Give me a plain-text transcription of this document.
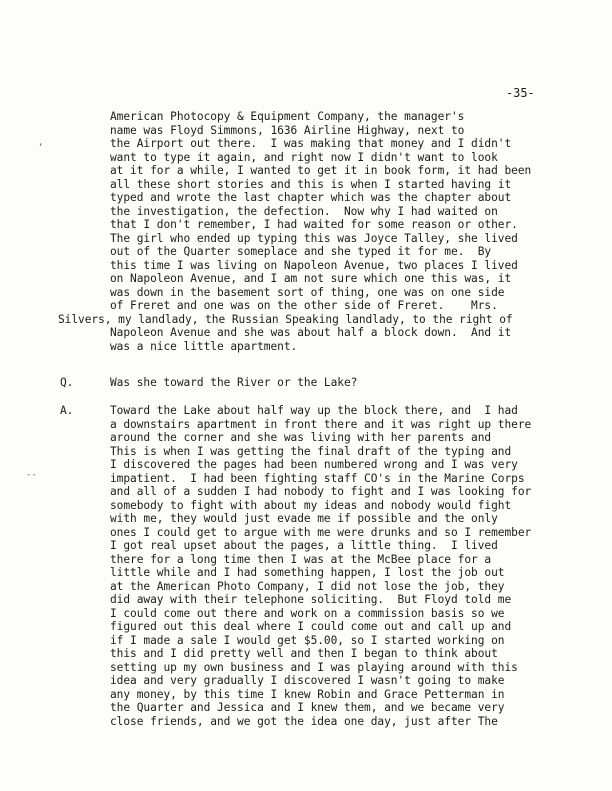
-35-
American Photocopy & Equipment Company, the manager's
name was Floyd Simmons, 1636 Airline Highway, next to
the Airport out there.  I was making that money and I didn't
want to type it again, and right now I didn't want to look
at it for a while, I wanted to get it in book form, it had been
all these short stories and this is when I started having it
typed and wrote the last chapter which was the chapter about
the investigation, the defection.  Now why I had waited on
that I don't remember, I had waited for some reason or other.
The girl who ended up typing this was Joyce Talley, she lived
out of the Quarter someplace and she typed it for me.  By
this time I was living on Napoleon Avenue, two places I lived
on Napoleon Avenue, and I am not sure which one this was, it
was down in the basement sort of thing, one was on one side
of Freret and one was on the other side of Freret.    Mrs.
Silvers, my landlady, the Russian Speaking landlady, to the right of
Napoleon Avenue and she was about half a block down.  And it
was a nice little apartment.
Q.	Was she toward the River or the Lake?
A.	Toward the Lake about half way up the block there, and  I had
a downstairs apartment in front there and it was right up there
around the corner and she was living with her parents and
This is when I was getting the final draft of the typing and
I discovered the pages had been numbered wrong and I was very
impatient.  I had been fighting staff CO's in the Marine Corps
and all of a sudden I had nobody to fight and I was looking for
somebody to fight with about my ideas and nobody would fight
with me, they would just evade me if possible and the only
ones I could get to argue with me were drunks and so I remember
I got real upset about the pages, a little thing.  I lived
there for a long time then I was at the McBee place for a
little while and I had something happen, I lost the job out
at the American Photo Company, I did not lose the job, they
did away with their telephone soliciting.  But Floyd told me
I could come out there and work on a commission basis so we
figured out this deal where I could come out and call up and
if I made a sale I would get $5.00, so I started working on
this and I did pretty well and then I began to think about
setting up my own business and I was playing around with this
idea and very gradually I discovered I wasn't going to make
any money, by this time I knew Robin and Grace Petterman in
the Quarter and Jessica and I knew them, and we became very
close friends, and we got the idea one day, just after The
,
--
